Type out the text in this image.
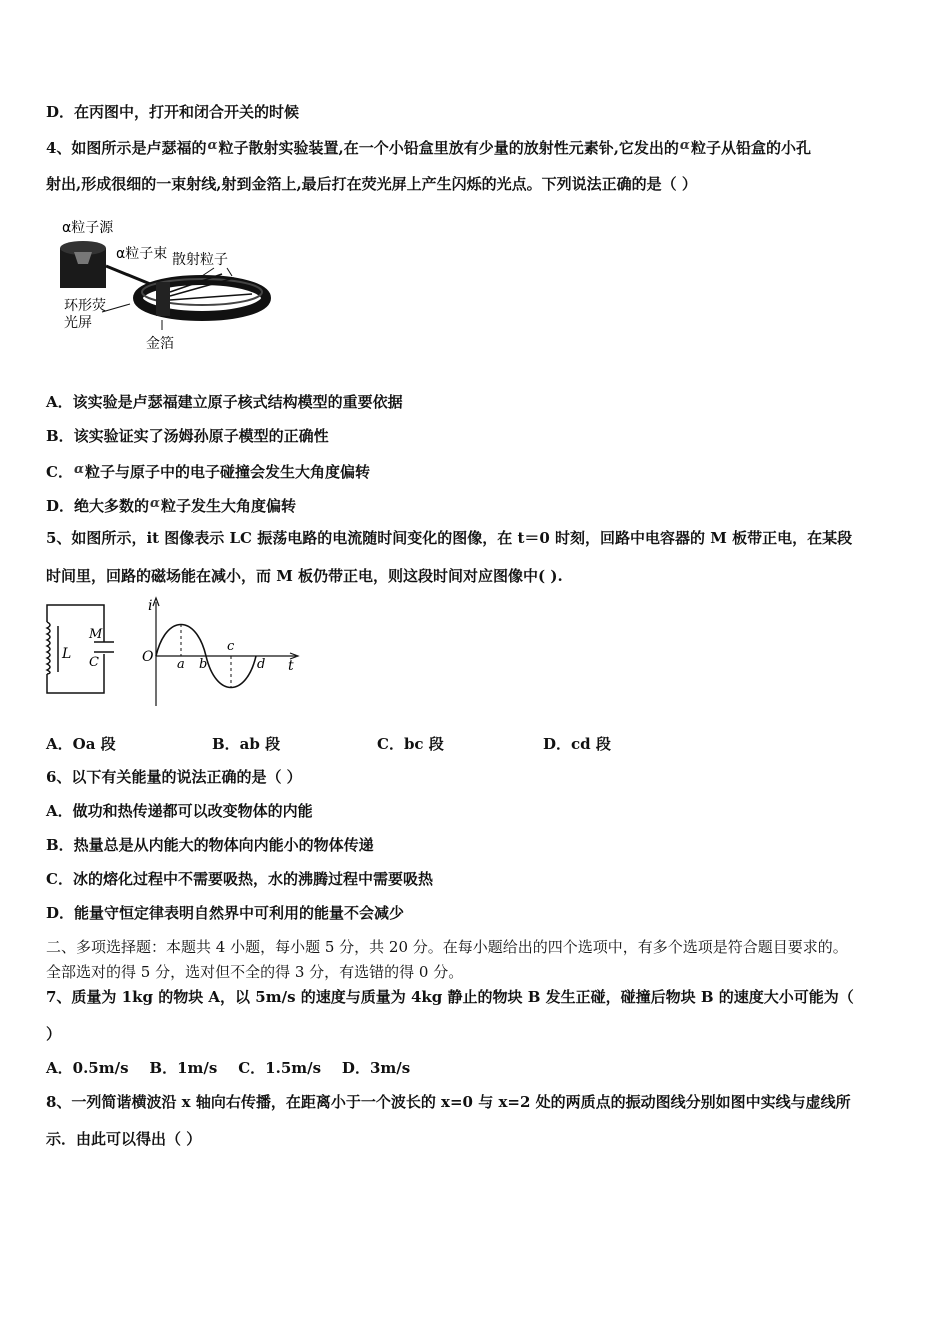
D．在丙图中，打开和闭合开关的时候
4、如图所示是卢瑟福的α粒子散射实验装置,在一个小铅盒里放有少量的放射性元素钋,它发出的α粒子从铅盒的小孔
射出,形成很细的一束射线,射到金箔上,最后打在荧光屏上产生闪烁的光点。下列说法正确的是（ ）
α粒子源
α粒子束 散射粒子
环形荧
光屏
金箔
A．该实验是卢瑟福建立原子核式结构模型的重要依据
B．该实验证实了汤姆孙原子模型的正确性
C．α粒子与原子中的电子碰撞会发生大角度偏转
D．绝大多数的α粒子发生大角度偏转
5、如图所示，it 图像表示 LC 振荡电路的电流随时间变化的图像，在 t＝0 时刻，回路中电容器的 M 板带正电，在某段
时间里，回路的磁场能在减小，而 M 板仍带正电，则这段时间对应图像中( ).
L
M
C
i
t
O a b
c
d
A．Oa 段	B．ab 段	C．bc 段	D．cd 段
6、以下有关能量的说法正确的是（ ）
A．做功和热传递都可以改变物体的内能
B．热量总是从内能大的物体向内能小的物体传递
C．冰的熔化过程中不需要吸热，水的沸腾过程中需要吸热
D．能量守恒定律表明自然界中可利用的能量不会减少
二、多项选择题：本题共 4 小题，每小题 5 分，共 20 分。在每小题给出的四个选项中，有多个选项是符合题目要求的。
全部选对的得 5 分，选对但不全的得 3 分，有选错的得 0 分。
7、质量为 1kg 的物块 A，以 5m/s 的速度与质量为 4kg 静止的物块 B 发生正碰，碰撞后物块 B 的速度大小可能为（
）
A．0.5m/s    B．1m/s    C．1.5m/s    D．3m/s
8、一列简谐横波沿 x 轴向右传播，在距离小于一个波长的 x=0 与 x=2 处的两质点的振动图线分别如图中实线与虚线所
示．由此可以得出（ ）
